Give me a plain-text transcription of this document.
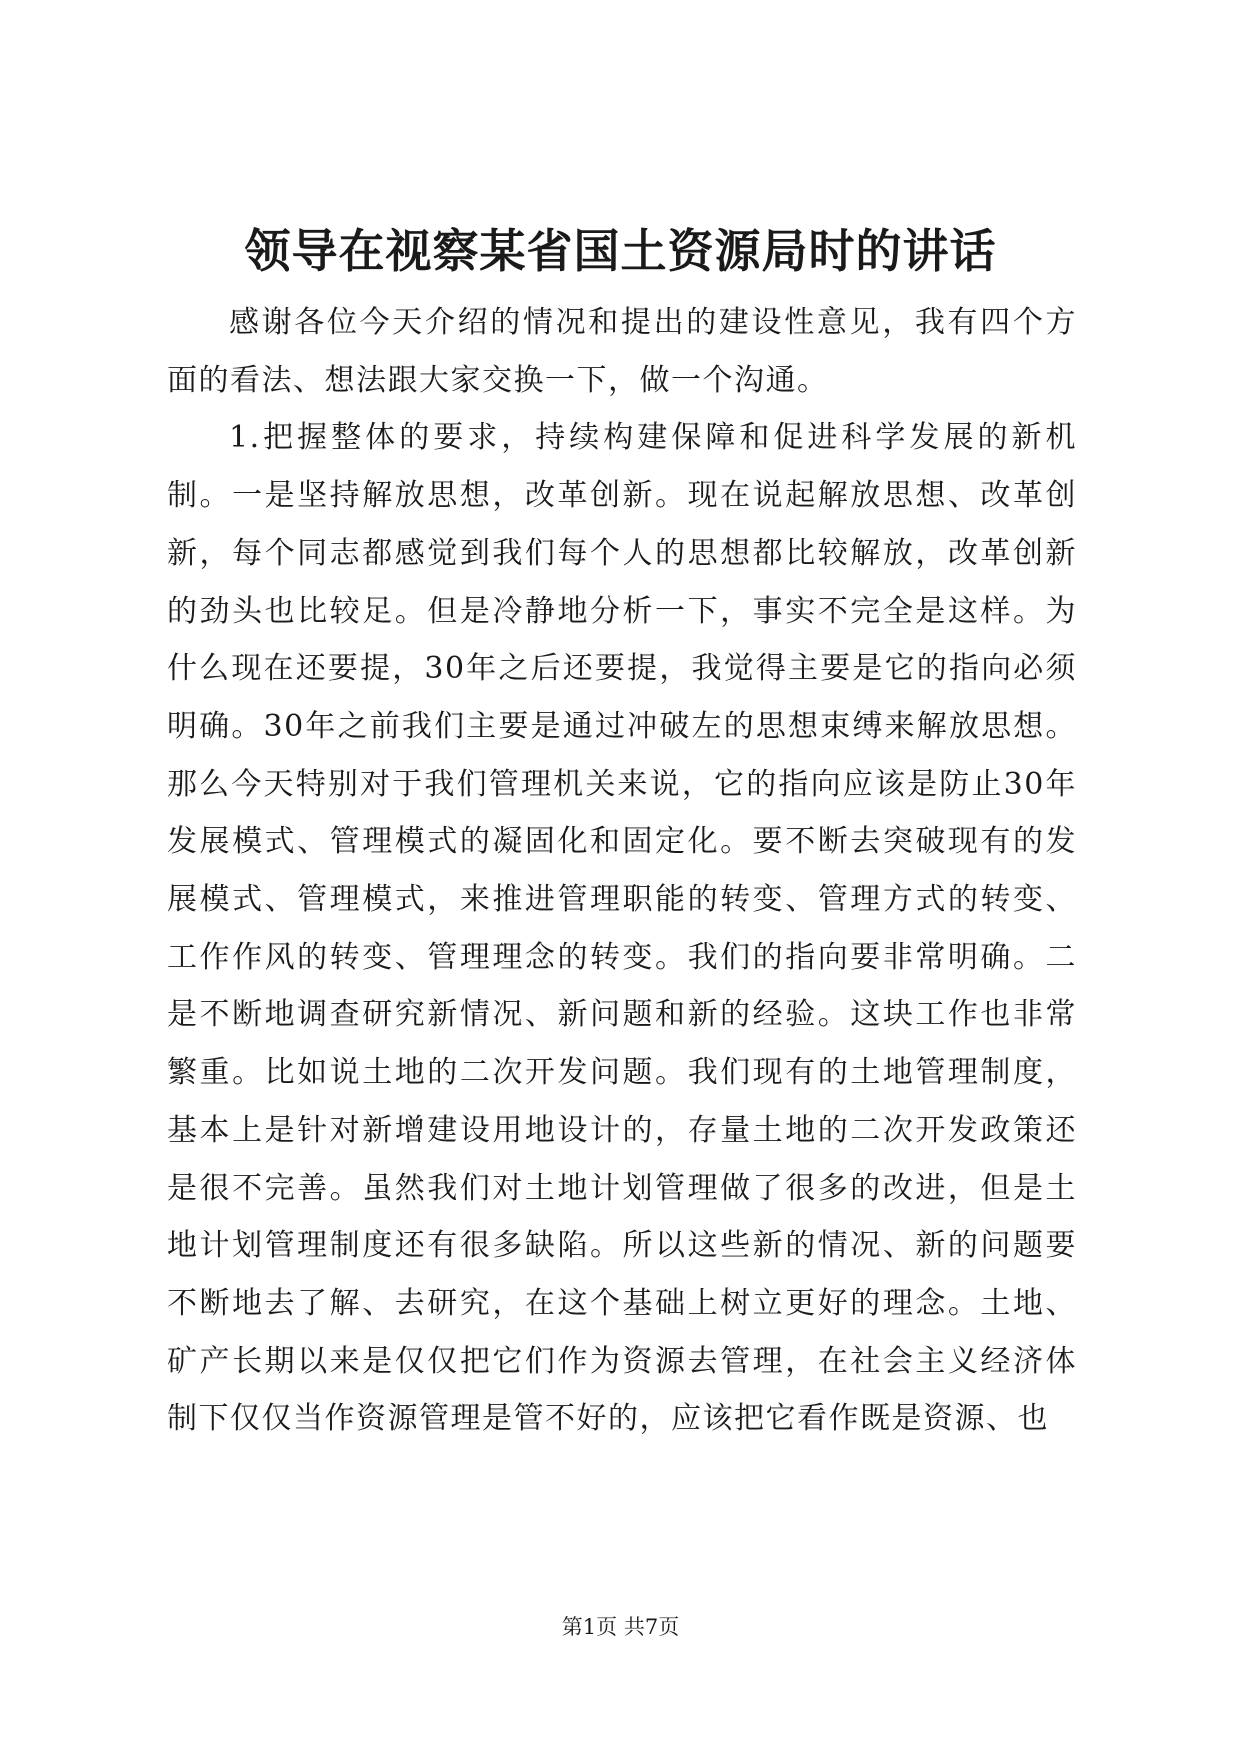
领导在视察某省国土资源局时的讲话

感谢各位今天介绍的情况和提出的建设性意见，我有四个方面的看法、想法跟大家交换一下，做一个沟通。

1.把握整体的要求，持续构建保障和促进科学发展的新机制。一是坚持解放思想，改革创新。现在说起解放思想、改革创新，每个同志都感觉到我们每个人的思想都比较解放，改革创新的劲头也比较足。但是冷静地分析一下，事实不完全是这样。为什么现在还要提，30年之后还要提，我觉得主要是它的指向必须明确。30年之前我们主要是通过冲破左的思想束缚来解放思想。那么今天特别对于我们管理机关来说，它的指向应该是防止30年发展模式、管理模式的凝固化和固定化。要不断去突破现有的发展模式、管理模式，来推进管理职能的转变、管理方式的转变、工作作风的转变、管理理念的转变。我们的指向要非常明确。二是不断地调查研究新情况、新问题和新的经验。这块工作也非常繁重。比如说土地的二次开发问题。我们现有的土地管理制度，基本上是针对新增建设用地设计的，存量土地的二次开发政策还是很不完善。虽然我们对土地计划管理做了很多的改进，但是土地计划管理制度还有很多缺陷。所以这些新的情况、新的问题要不断地去了解、去研究，在这个基础上树立更好的理念。土地、矿产长期以来是仅仅把它们作为资源去管理，在社会主义经济体制下仅仅当作资源管理是管不好的，应该把它看作既是资源、也

第1页 共7页
